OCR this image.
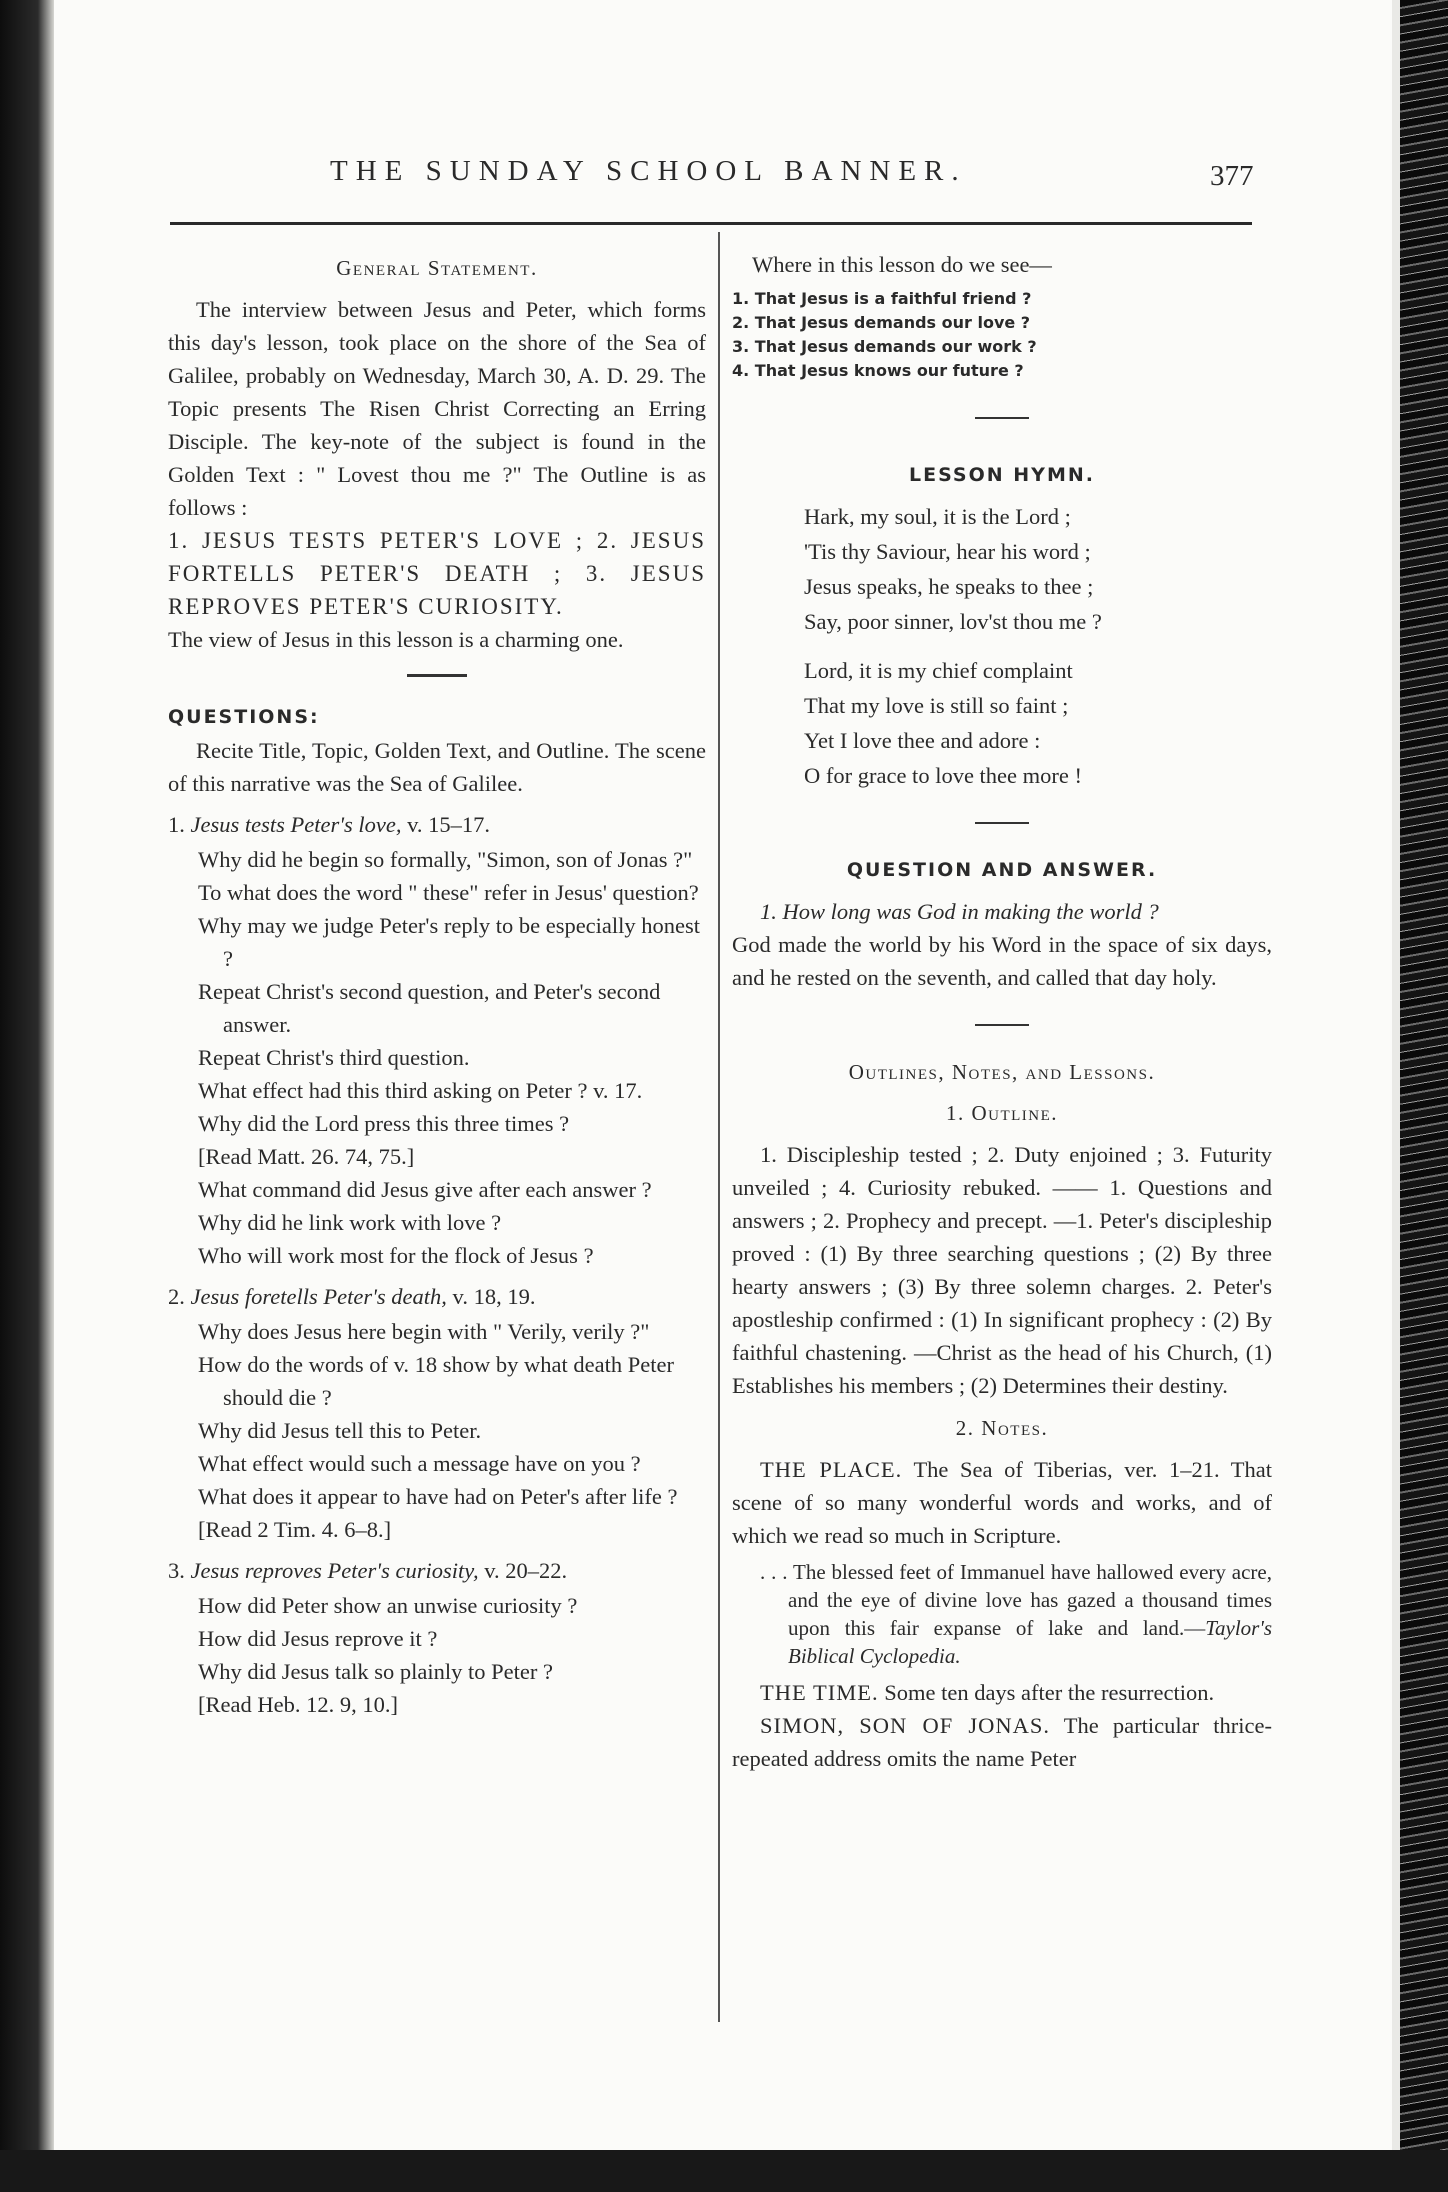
THE SUNDAY SCHOOL BANNER.	377
General Statement.

The interview between Jesus and Peter, which forms this day's lesson, took place on the shore of the Sea of Galilee, probably on Wednesday, March 30, A. D. 29. The Topic presents The Risen Christ Correcting an Erring Disciple. The key-note of the subject is found in the Golden Text : " Lovest thou me ?" The Outline is as follows :

1. JESUS TESTS PETER'S LOVE ; 2. JESUS FORTELLS PETER'S DEATH ; 3. JESUS REPROVES PETER'S CURIOSITY.

The view of Jesus in this lesson is a charming one.

QUESTIONS:

Recite Title, Topic, Golden Text, and Outline. The scene of this narrative was the Sea of Galilee.

1. Jesus tests Peter's love, v. 15–17.

Why did he begin so formally, "Simon, son of Jonas ?"

To what does the word " these" refer in Jesus' question?

Why may we judge Peter's reply to be especially honest ?

Repeat Christ's second question, and Peter's second answer.

Repeat Christ's third question.

What effect had this third asking on Peter ? v. 17.

Why did the Lord press this three times ?

[Read Matt. 26. 74, 75.]

What command did Jesus give after each answer ?

Why did he link work with love ?

Who will work most for the flock of Jesus ?

2. Jesus foretells Peter's death, v. 18, 19.

Why does Jesus here begin with " Verily, verily ?"

How do the words of v. 18 show by what death Peter should die ?

Why did Jesus tell this to Peter.

What effect would such a message have on you ?

What does it appear to have had on Peter's after life ?

[Read 2 Tim. 4. 6–8.]

3. Jesus reproves Peter's curiosity, v. 20–22.

How did Peter show an unwise curiosity ?

How did Jesus reprove it ?

Why did Jesus talk so plainly to Peter ?

[Read Heb. 12. 9, 10.]

Where in this lesson do we see—

1. That Jesus is a faithful friend ?

2. That Jesus demands our love ?

3. That Jesus demands our work ?

4. That Jesus knows our future ?

LESSON HYMN.

Hark, my soul, it is the Lord ;

'Tis thy Saviour, hear his word ;

Jesus speaks, he speaks to thee ;

Say, poor sinner, lov'st thou me ?

Lord, it is my chief complaint

That my love is still so faint ;

Yet I love thee and adore :

O for grace to love thee more !

QUESTION AND ANSWER.

1. How long was God in making the world ?

God made the world by his Word in the space of six days, and he rested on the seventh, and called that day holy.

Outlines, Notes, and Lessons.
1. Outline.

1. Discipleship tested ; 2. Duty enjoined ; 3. Futurity unveiled ; 4. Curiosity rebuked. —— 1. Questions and answers ; 2. Prophecy and precept. —1. Peter's discipleship proved : (1) By three searching questions ; (2) By three hearty answers ; (3) By three solemn charges. 2. Peter's apostleship confirmed : (1) In significant prophecy : (2) By faithful chastening. —Christ as the head of his Church, (1) Establishes his members ; (2) Determines their destiny.

2. Notes.

THE PLACE. The Sea of Tiberias, ver. 1–21. That scene of so many wonderful words and works, and of which we read so much in Scripture.

. . . The blessed feet of Immanuel have hallowed every acre, and the eye of divine love has gazed a thousand times upon this fair expanse of lake and land.—Taylor's Biblical Cyclopedia.

THE TIME. Some ten days after the resurrection.

SIMON, SON OF JONAS. The particular thrice-repeated address omits the name Peter
